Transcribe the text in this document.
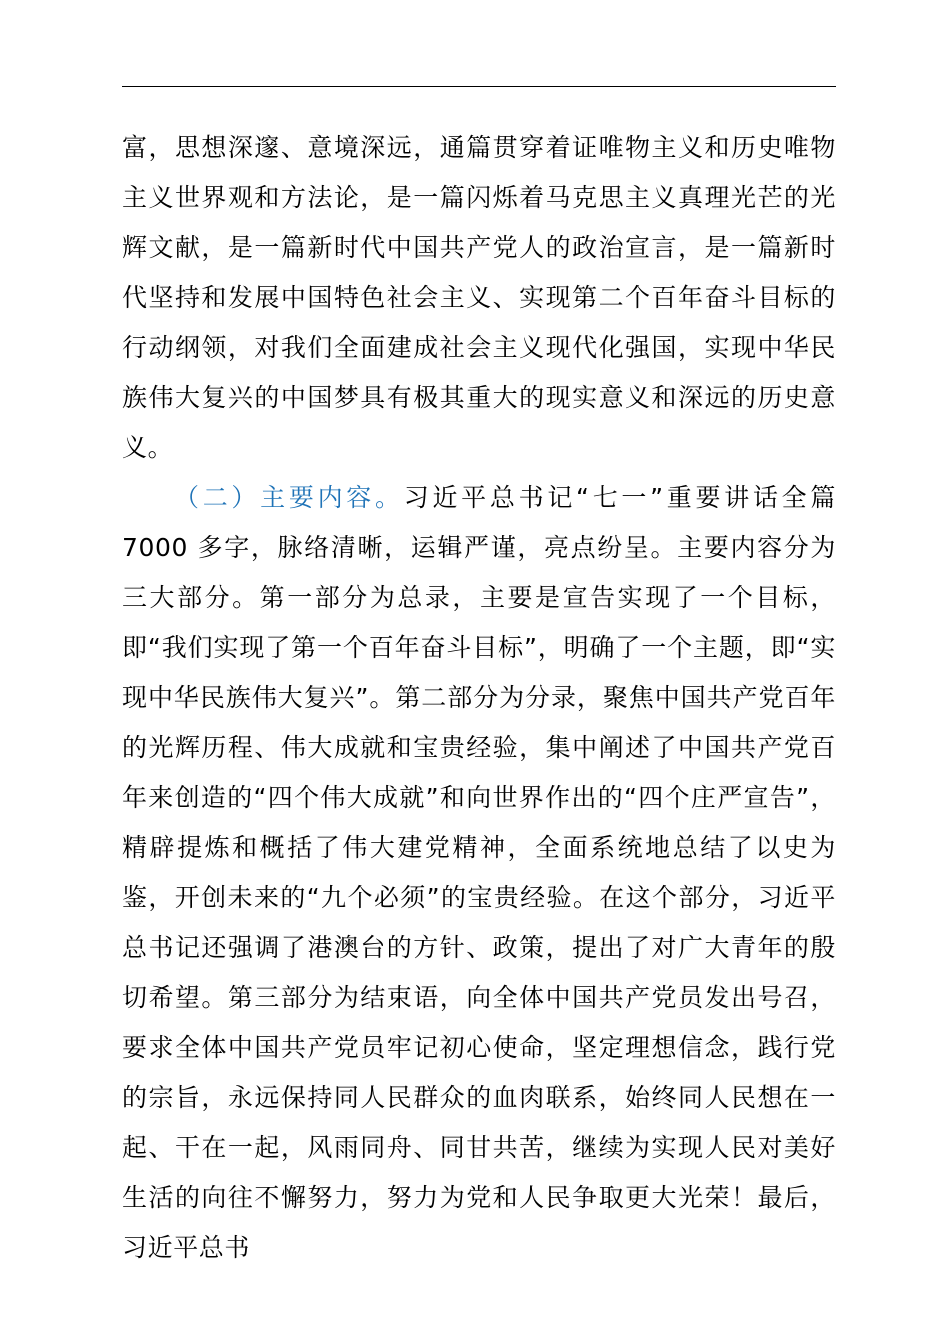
富，思想深邃、意境深远，通篇贯穿着证唯物主义和历史唯物主义世界观和方法论，是一篇闪烁着马克思主义真理光芒的光辉文献，是一篇新时代中国共产党人的政治宣言，是一篇新时代坚持和发展中国特色社会主义、实现第二个百年奋斗目标的行动纲领，对我们全面建成社会主义现代化强国，实现中华民族伟大复兴的中国梦具有极其重大的现实意义和深远的历史意义。

（二）主要内容。习近平总书记“七一”重要讲话全篇 7000 多字，脉络清晰，运辑严谨，亮点纷呈。主要内容分为三大部分。第一部分为总录，主要是宣告实现了一个目标，即“我们实现了第一个百年奋斗目标”，明确了一个主题，即“实现中华民族伟大复兴”。第二部分为分录，聚焦中国共产党百年的光辉历程、伟大成就和宝贵经验，集中阐述了中国共产党百年来创造的“四个伟大成就”和向世界作出的“四个庄严宣告”，精辟提炼和概括了伟大建党精神，全面系统地总结了以史为鉴，开创未来的“九个必须”的宝贵经验。在这个部分，习近平总书记还强调了港澳台的方针、政策，提出了对广大青年的殷切希望。第三部分为结束语，向全体中国共产党员发出号召，要求全体中国共产党员牢记初心使命，坚定理想信念，践行党的宗旨，永远保持同人民群众的血肉联系，始终同人民想在一起、干在一起，风雨同舟、同甘共苦，继续为实现人民对美好生活的向往不懈努力，努力为党和人民争取更大光荣！最后，习近平总书
